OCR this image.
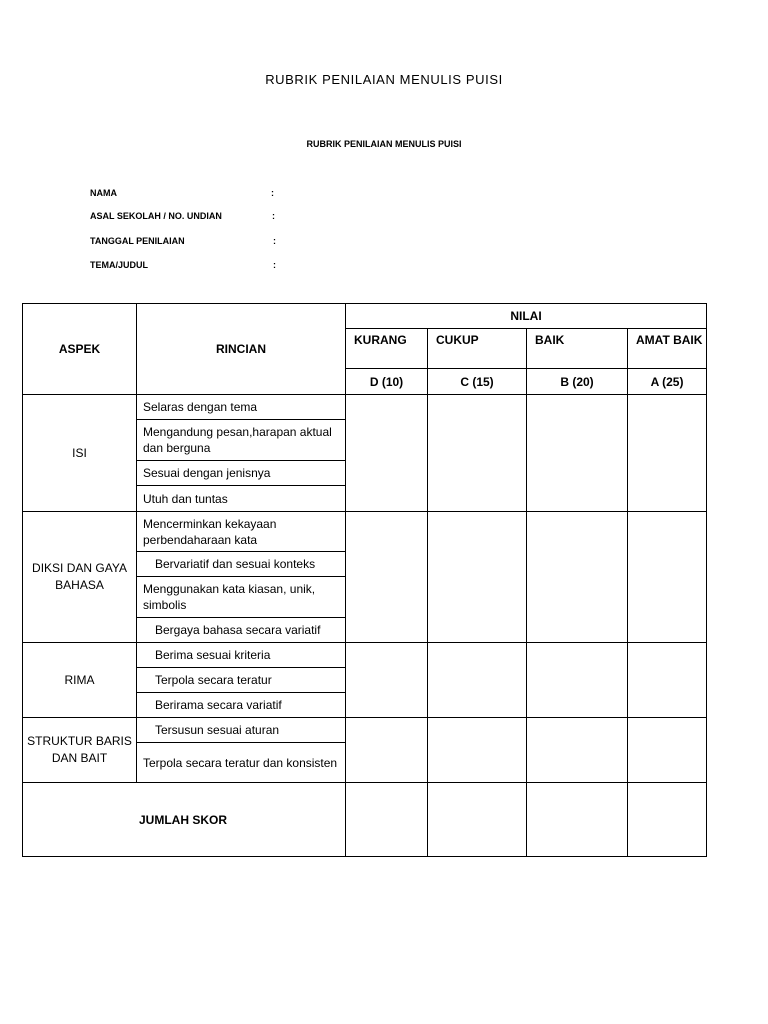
RUBRIK PENILAIAN MENULIS PUISI
RUBRIK PENILAIAN MENULIS PUISI
NAMA	:
ASAL SEKOLAH / NO. UNDIAN	:
TANGGAL PENILAIAN	:
TEMA/JUDUL	:
ASPEK	RINCIAN	NILAI			
		KURANG	CUKUP	BAIK	AMAT BAIK
		D (10)	C (15)	B (20)	A (25)
ISI	Selaras dengan tema				
	Mengandung pesan,harapan aktual dan berguna				
	Sesuai dengan jenisnya				
	Utuh dan tuntas				
DIKSI DAN GAYA BAHASA	Mencerminkan kekayaan perbendaharaan kata				
	Bervariatif dan sesuai konteks				
	Menggunakan kata kiasan, unik, simbolis				
	Bergaya bahasa secara variatif				
RIMA	Berima sesuai kriteria				
	Terpola secara teratur				
	Berirama secara variatif				
STRUKTUR BARIS DAN BAIT	Tersusun sesuai aturan				
	Terpola secara teratur dan konsisten				
JUMLAH SKOR					
